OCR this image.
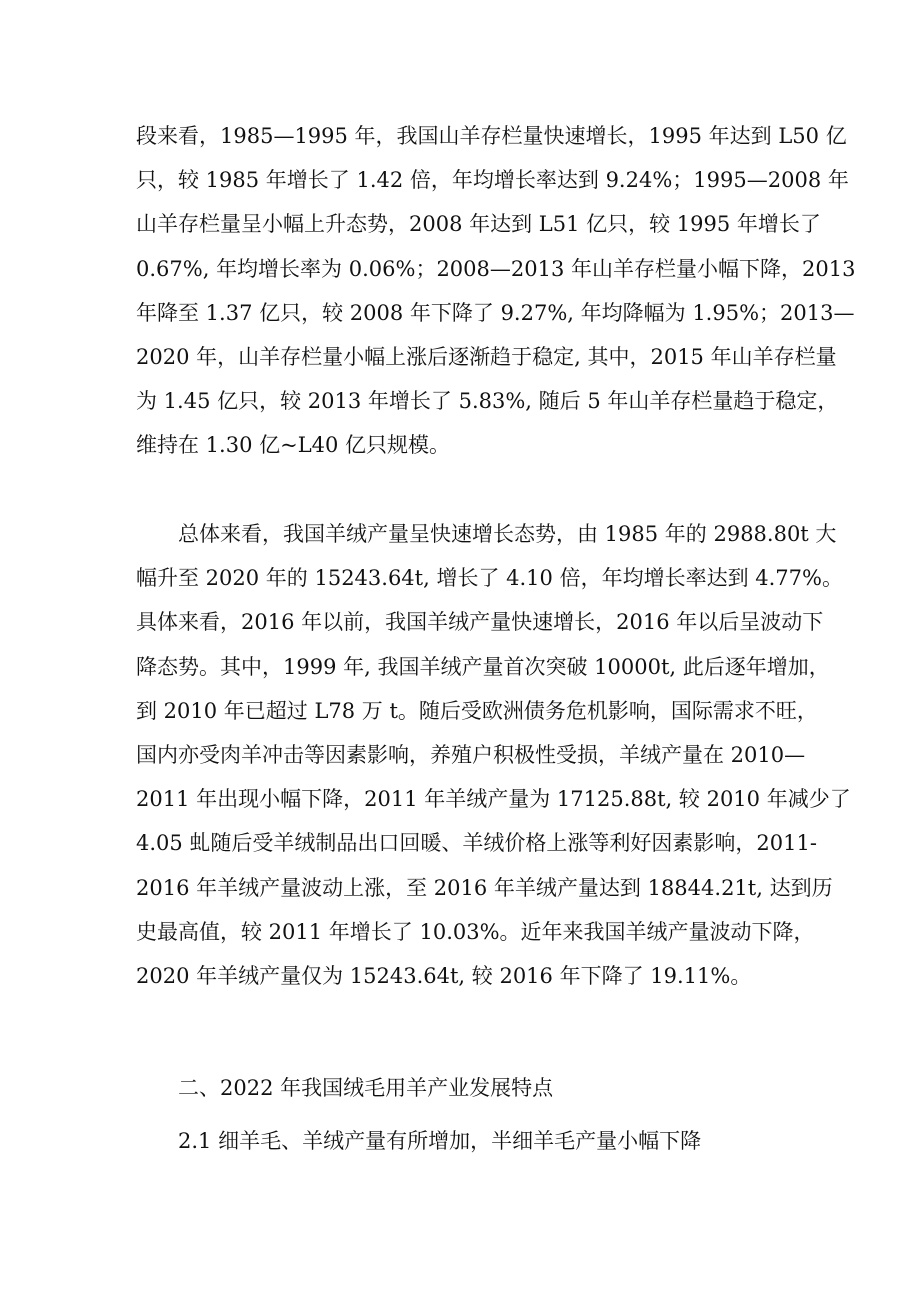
段来看，1985—1995 年，我国山羊存栏量快速增长，1995 年达到 L50 亿
只，较 1985 年增长了 1.42 倍，年均增长率达到 9.24%；1995—2008 年
山羊存栏量呈小幅上升态势，2008 年达到 L51 亿只，较 1995 年增长了
0.67%, 年均增长率为 0.06%；2008—2013 年山羊存栏量小幅下降，2013
年降至 1.37 亿只，较 2008 年下降了 9.27%, 年均降幅为 1.95%；2013—
2020 年，山羊存栏量小幅上涨后逐渐趋于稳定, 其中，2015 年山羊存栏量
为 1.45 亿只，较 2013 年增长了 5.83%, 随后 5 年山羊存栏量趋于稳定，
维持在 1.30 亿~L40 亿只规模。

总体来看，我国羊绒产量呈快速增长态势，由 1985 年的 2988.80t 大
幅升至 2020 年的 15243.64t, 增长了 4.10 倍，年均增长率达到 4.77%。
具体来看，2016 年以前，我国羊绒产量快速增长，2016 年以后呈波动下
降态势。其中，1999 年, 我国羊绒产量首次突破 10000t, 此后逐年增加，
到 2010 年已超过 L78 万 t。随后受欧洲债务危机影响，国际需求不旺，
国内亦受肉羊冲击等因素影响，养殖户积极性受损，羊绒产量在 2010—
2011 年出现小幅下降，2011 年羊绒产量为 17125.88t, 较 2010 年减少了
4.05 虬随后受羊绒制品出口回暖、羊绒价格上涨等利好因素影响，2011-
2016 年羊绒产量波动上涨，至 2016 年羊绒产量达到 18844.21t, 达到历
史最高值，较 2011 年增长了 10.03%。近年来我国羊绒产量波动下降，
2020 年羊绒产量仅为 15243.64t, 较 2016 年下降了 19.11%。

二、2022 年我国绒毛用羊产业发展特点
2.1 细羊毛、羊绒产量有所增加，半细羊毛产量小幅下降
